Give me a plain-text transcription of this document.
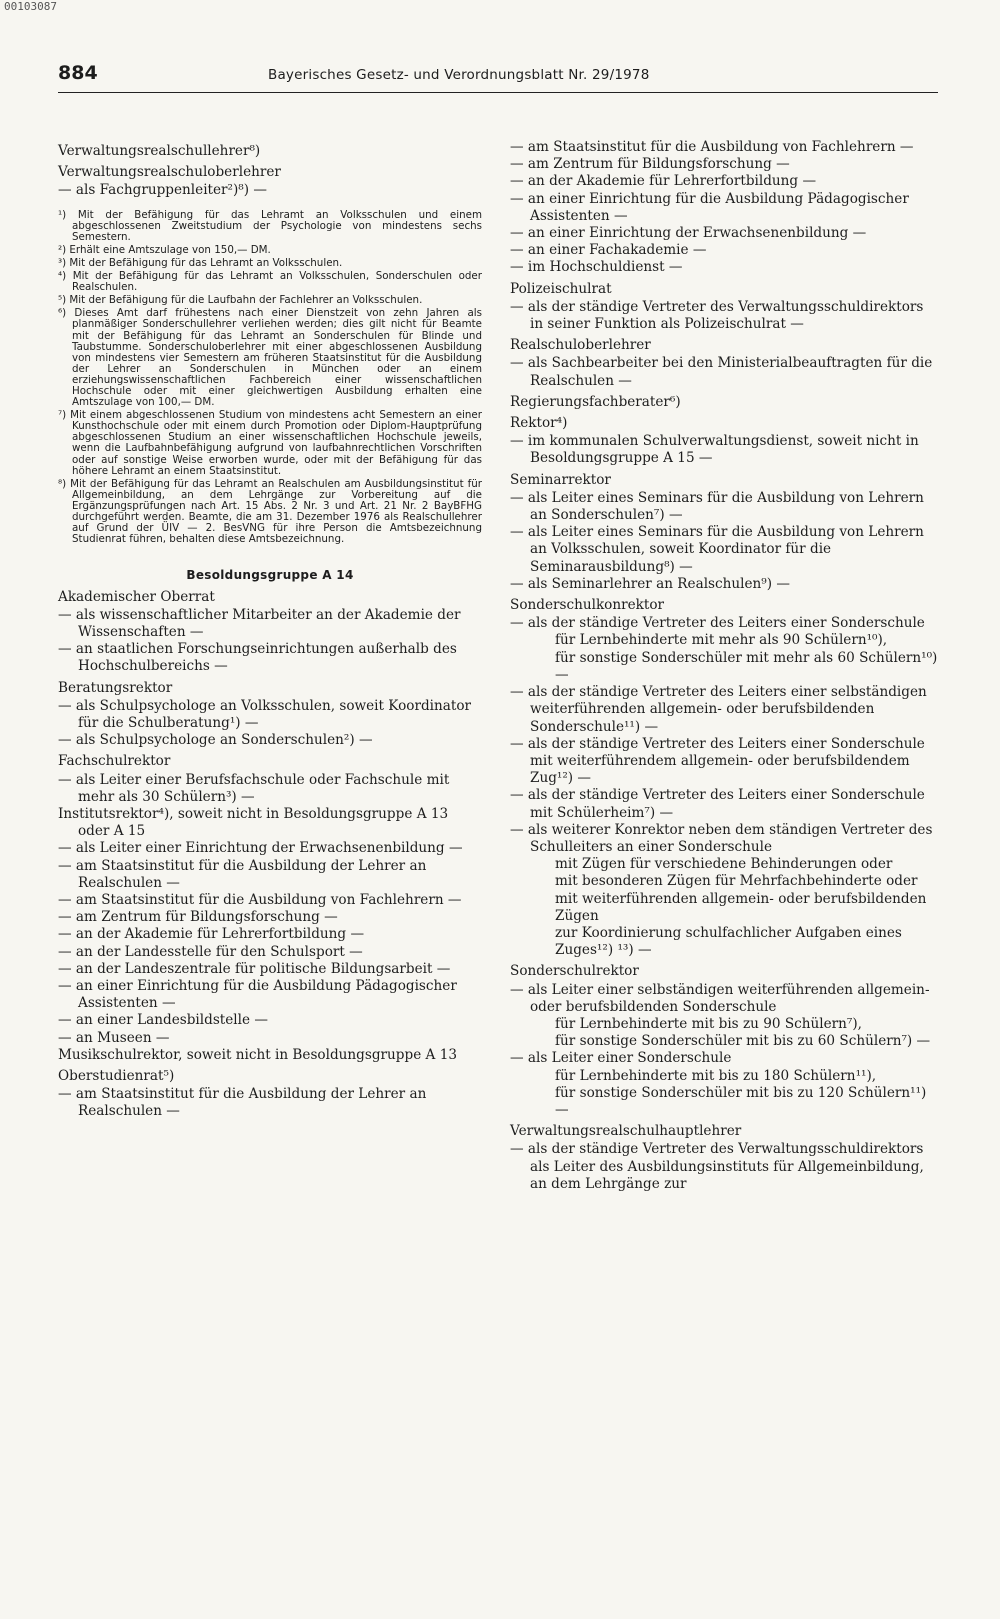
00103087
884	Bayerisches Gesetz- und Verordnungsblatt Nr. 29/1978
Verwaltungsrealschullehrer⁸)
Verwaltungsrealschuloberlehrer
— als Fachgruppenleiter²)⁸) —
¹) Mit der Befähigung für das Lehramt an Volksschulen und einem abgeschlossenen Zweitstudium der Psychologie von mindestens sechs Semestern.
²) Erhält eine Amtszulage von 150,— DM.
³) Mit der Befähigung für das Lehramt an Volksschulen.
⁴) Mit der Befähigung für das Lehramt an Volksschulen, Sonderschulen oder Realschulen.
⁵) Mit der Befähigung für die Laufbahn der Fachlehrer an Volksschulen.
⁶) Dieses Amt darf frühestens nach einer Dienstzeit von zehn Jahren als planmäßiger Sonderschullehrer verliehen werden; dies gilt nicht für Beamte mit der Befähigung für das Lehramt an Sonderschulen für Blinde und Taubstumme. Sonderschuloberlehrer mit einer abgeschlossenen Ausbildung von mindestens vier Semestern am früheren Staatsinstitut für die Ausbildung der Lehrer an Sonderschulen in München oder an einem erziehungswissenschaftlichen Fachbereich einer wissenschaftlichen Hochschule oder mit einer gleichwertigen Ausbildung erhalten eine Amtszulage von 100,— DM.
⁷) Mit einem abgeschlossenen Studium von mindestens acht Semestern an einer Kunsthochschule oder mit einem durch Promotion oder Diplom-Hauptprüfung abgeschlossenen Studium an einer wissenschaftlichen Hochschule jeweils, wenn die Laufbahnbefähigung aufgrund von laufbahnrechtlichen Vorschriften oder auf sonstige Weise erworben wurde, oder mit der Befähigung für das höhere Lehramt an einem Staatsinstitut.
⁸) Mit der Befähigung für das Lehramt an Realschulen am Ausbildungsinstitut für Allgemeinbildung, an dem Lehrgänge zur Vorbereitung auf die Ergänzungsprüfungen nach Art. 15 Abs. 2 Nr. 3 und Art. 21 Nr. 2 BayBFHG durchgeführt werden. Beamte, die am 31. Dezember 1976 als Realschullehrer auf Grund der ÜIV — 2. BesVNG für ihre Person die Amtsbezeichnung Studienrat führen, behalten diese Amtsbezeichnung.
Besoldungsgruppe A 14
Akademischer Oberrat
— als wissenschaftlicher Mitarbeiter an der Akademie der Wissenschaften —
— an staatlichen Forschungseinrichtungen außerhalb des Hochschulbereichs —
Beratungsrektor
— als Schulpsychologe an Volksschulen, soweit Koordinator für die Schulberatung¹) —
— als Schulpsychologe an Sonderschulen²) —
Fachschulrektor
— als Leiter einer Berufsfachschule oder Fachschule mit mehr als 30 Schülern³) —
Institutsrektor⁴), soweit nicht in Besoldungsgruppe A 13 oder A 15
— als Leiter einer Einrichtung der Erwachsenenbildung —
— am Staatsinstitut für die Ausbildung der Lehrer an Realschulen —
— am Staatsinstitut für die Ausbildung von Fachlehrern —
— am Zentrum für Bildungsforschung —
— an der Akademie für Lehrerfortbildung —
— an der Landesstelle für den Schulsport —
— an der Landeszentrale für politische Bildungsarbeit —
— an einer Einrichtung für die Ausbildung Pädagogischer Assistenten —
— an einer Landesbildstelle —
— an Museen —
Musikschulrektor, soweit nicht in Besoldungsgruppe A 13
Oberstudienrat⁵)
— am Staatsinstitut für die Ausbildung der Lehrer an Realschulen —
— am Staatsinstitut für die Ausbildung von Fachlehrern —
— am Zentrum für Bildungsforschung —
— an der Akademie für Lehrerfortbildung —
— an einer Einrichtung für die Ausbildung Pädagogischer Assistenten —
— an einer Einrichtung der Erwachsenenbildung —
— an einer Fachakademie —
— im Hochschuldienst —
Polizeischulrat
— als der ständige Vertreter des Verwaltungsschuldirektors in seiner Funktion als Polizeischulrat —
Realschuloberlehrer
— als Sachbearbeiter bei den Ministerialbeauftragten für die Realschulen —
Regierungsfachberater⁶)
Rektor⁴)
— im kommunalen Schulverwaltungsdienst, soweit nicht in Besoldungsgruppe A 15 —
Seminarrektor
— als Leiter eines Seminars für die Ausbildung von Lehrern an Sonderschulen⁷) —
— als Leiter eines Seminars für die Ausbildung von Lehrern an Volksschulen, soweit Koordinator für die Seminarausbildung⁸) —
— als Seminarlehrer an Realschulen⁹) —
Sonderschulkonrektor
— als der ständige Vertreter des Leiters einer Sonderschule
für Lernbehinderte mit mehr als 90 Schülern¹⁰),
für sonstige Sonderschüler mit mehr als 60 Schülern¹⁰) —
— als der ständige Vertreter des Leiters einer selbständigen weiterführenden allgemein- oder berufsbildenden Sonderschule¹¹) —
— als der ständige Vertreter des Leiters einer Sonderschule mit weiterführendem allgemein- oder berufsbildendem Zug¹²) —
— als der ständige Vertreter des Leiters einer Sonderschule mit Schülerheim⁷) —
— als weiterer Konrektor neben dem ständigen Vertreter des Schulleiters an einer Sonderschule
mit Zügen für verschiedene Behinderungen oder
mit besonderen Zügen für Mehrfachbehinderte oder
mit weiterführenden allgemein- oder berufsbildenden Zügen
zur Koordinierung schulfachlicher Aufgaben eines Zuges¹²) ¹³) —
Sonderschulrektor
— als Leiter einer selbständigen weiterführenden allgemein- oder berufsbildenden Sonderschule
für Lernbehinderte mit bis zu 90 Schülern⁷),
für sonstige Sonderschüler mit bis zu 60 Schülern⁷) —
— als Leiter einer Sonderschule
für Lernbehinderte mit bis zu 180 Schülern¹¹),
für sonstige Sonderschüler mit bis zu 120 Schülern¹¹) —
Verwaltungsrealschulhauptlehrer
— als der ständige Vertreter des Verwaltungsschuldirektors als Leiter des Ausbildungsinstituts für Allgemeinbildung, an dem Lehrgänge zur
